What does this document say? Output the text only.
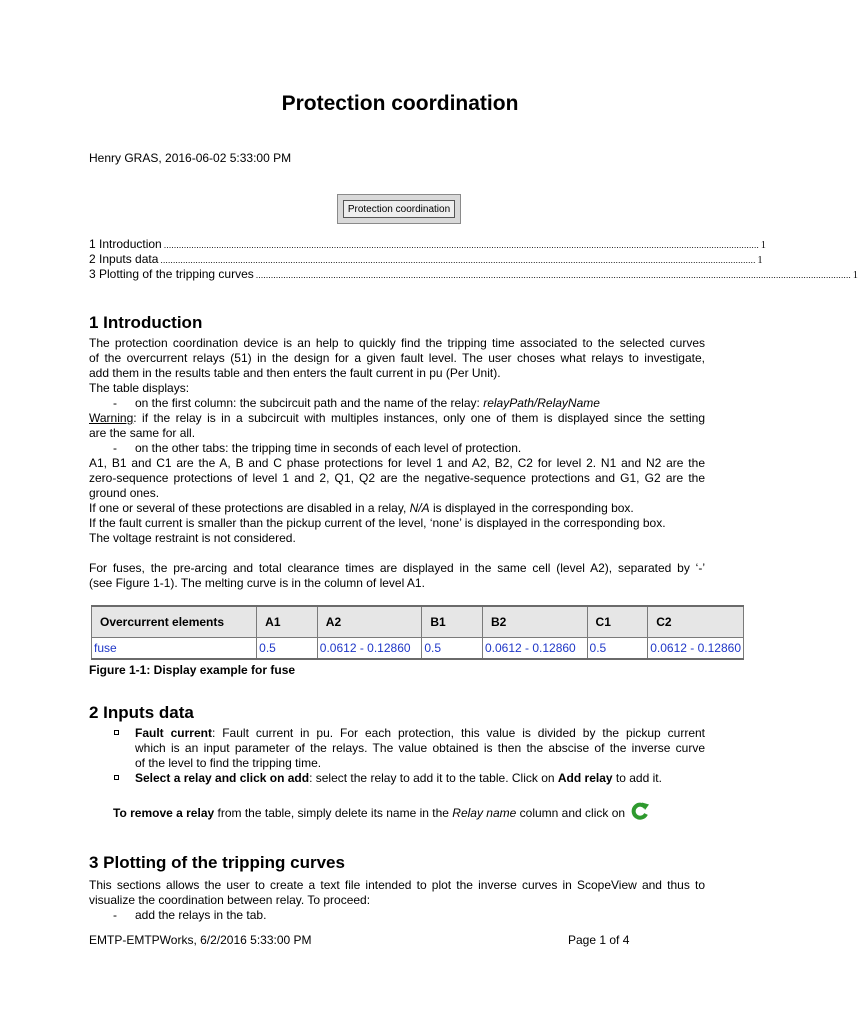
Protection coordination
Henry GRAS, 2016-06-02 5:33:00 PM
Protection coordination
1 Introduction .............................................................................................................................................................................................................................................. 1
2 Inputs data .............................................................................................................................................................................................................................................. 1
3 Plotting of the tripping curves .............................................................................................................................................................................................................................................. 1
1 Introduction
The protection coordination device is an help to quickly find the tripping time associated to the selected curves
of the overcurrent relays (51) in the design for a given fault level. The user choses what relays to investigate,
add them in the results table and then enters the fault current in pu (Per Unit).
The table displays:
- on the first column: the subcircuit path and the name of the relay: relayPath/RelayName
Warning: if the relay is in a subcircuit with multiples instances, only one of them is displayed since the setting
are the same for all.
- on the other tabs: the tripping time in seconds of each level of protection.
A1, B1 and C1 are the A, B and C phase protections for level 1 and A2, B2, C2 for level 2. N1 and N2 are the
zero-sequence protections of level 1 and 2, Q1, Q2 are the negative-sequence protections and G1, G2 are the
ground ones.
If one or several of these protections are disabled in a relay, N/A is displayed in the corresponding box.
If the fault current is smaller than the pickup current of the level, ‘none’ is displayed in the corresponding box.
The voltage restraint is not considered.

For fuses, the pre-arcing and total clearance times are displayed in the same cell (level A2), separated by ‘-’
(see Figure 1-1). The melting curve is in the column of level A1.
Overcurrent elements	A1	A2	B1	B2	C1	C2
fuse	0.5	0.0612 - 0.12860	0.5	0.0612 - 0.12860	0.5	0.0612 - 0.12860
Figure 1-1: Display example for fuse
2 Inputs data
Fault current: Fault current in pu. For each protection, this value is divided by the pickup current
which is an input parameter of the relays. The value obtained is then the abscise of the inverse curve
of the level to find the tripping time.
Select a relay and click on add: select the relay to add it to the table. Click on Add relay to add it.

To remove a relay from the table, simply delete its name in the Relay name column and click on
3 Plotting of the tripping curves
This sections allows the user to create a text file intended to plot the inverse curves in ScopeView and thus to
visualize the coordination between relay. To proceed:
- add the relays in the tab.
EMTP-EMTPWorks, 6/2/2016 5:33:00 PM	Page 1 of 4
